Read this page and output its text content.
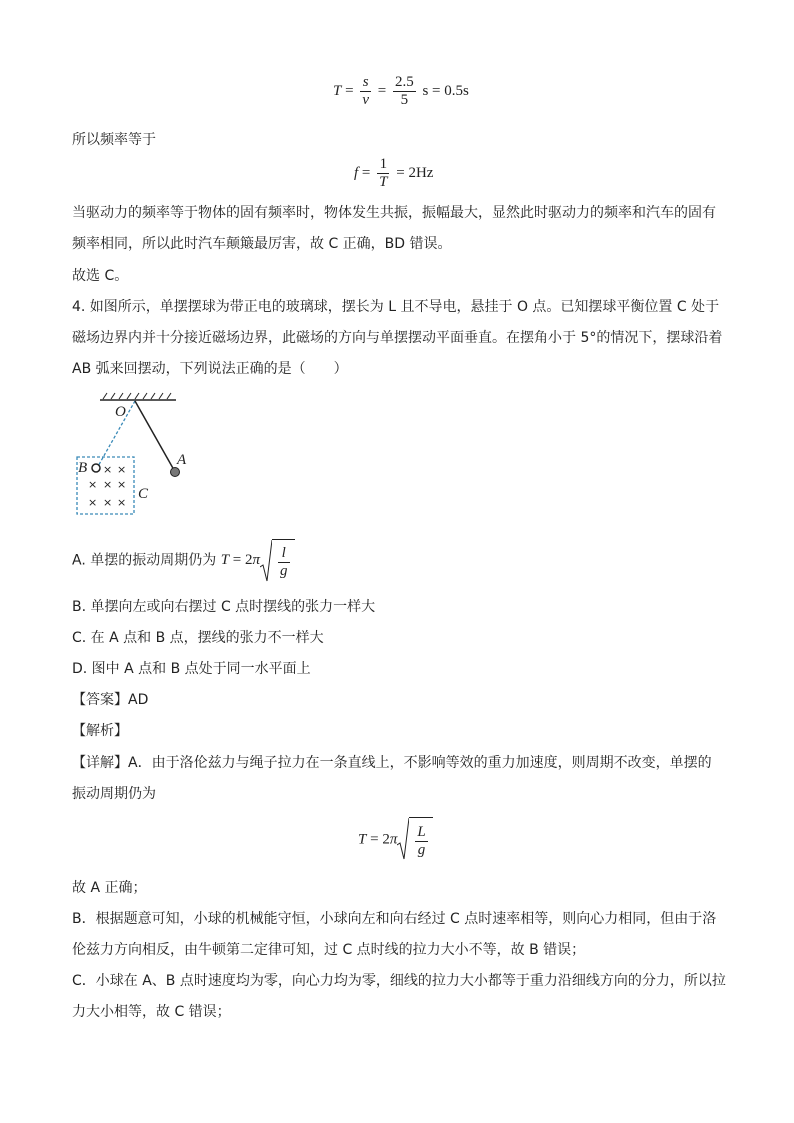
$T = \frac{s}{v} = \frac{2.5}{5}$ s = 0.5s
所以频率等于
$f = \frac{1}{T} = 2Hz$
当驱动力的频率等于物体的固有频率时，物体发生共振，振幅最大，显然此时驱动力的频率和汽车的固有
频率相同，所以此时汽车颠簸最厉害，故 C 正确，BD 错误。
故选 C。
4. 如图所示，单摆摆球为带正电的玻璃球，摆长为 L 且不导电，悬挂于 O 点。已知摆球平衡位置 C 处于
磁场边界内并十分接近磁场边界，此磁场的方向与单摆摆动平面垂直。在摆角小于 5°的情况下，摆球沿着
AB 弧来回摆动，下列说法正确的是（　　）
× ×
× × ×
× × ×
O
A
B
C
A. 单摆的振动周期仍为 $T = 2\pi \frac{l}{g}$
B. 单摆向左或向右摆过 C 点时摆线的张力一样大
C. 在 A 点和 B 点，摆线的张力不一样大
D. 图中 A 点和 B 点处于同一水平面上
【答案】AD
【解析】
【详解】A．由于洛伦兹力与绳子拉力在一条直线上，不影响等效的重力加速度，则周期不改变，单摆的
振动周期仍为
$T = 2\pi \frac{L}{g}$
故 A 正确；
B．根据题意可知，小球的机械能守恒，小球向左和向右经过 C 点时速率相等，则向心力相同，但由于洛
伦兹力方向相反，由牛顿第二定律可知，过 C 点时线的拉力大小不等，故 B 错误；
C．小球在 A、B 点时速度均为零，向心力均为零，细线的拉力大小都等于重力沿细线方向的分力，所以拉
力大小相等，故 C 错误；
